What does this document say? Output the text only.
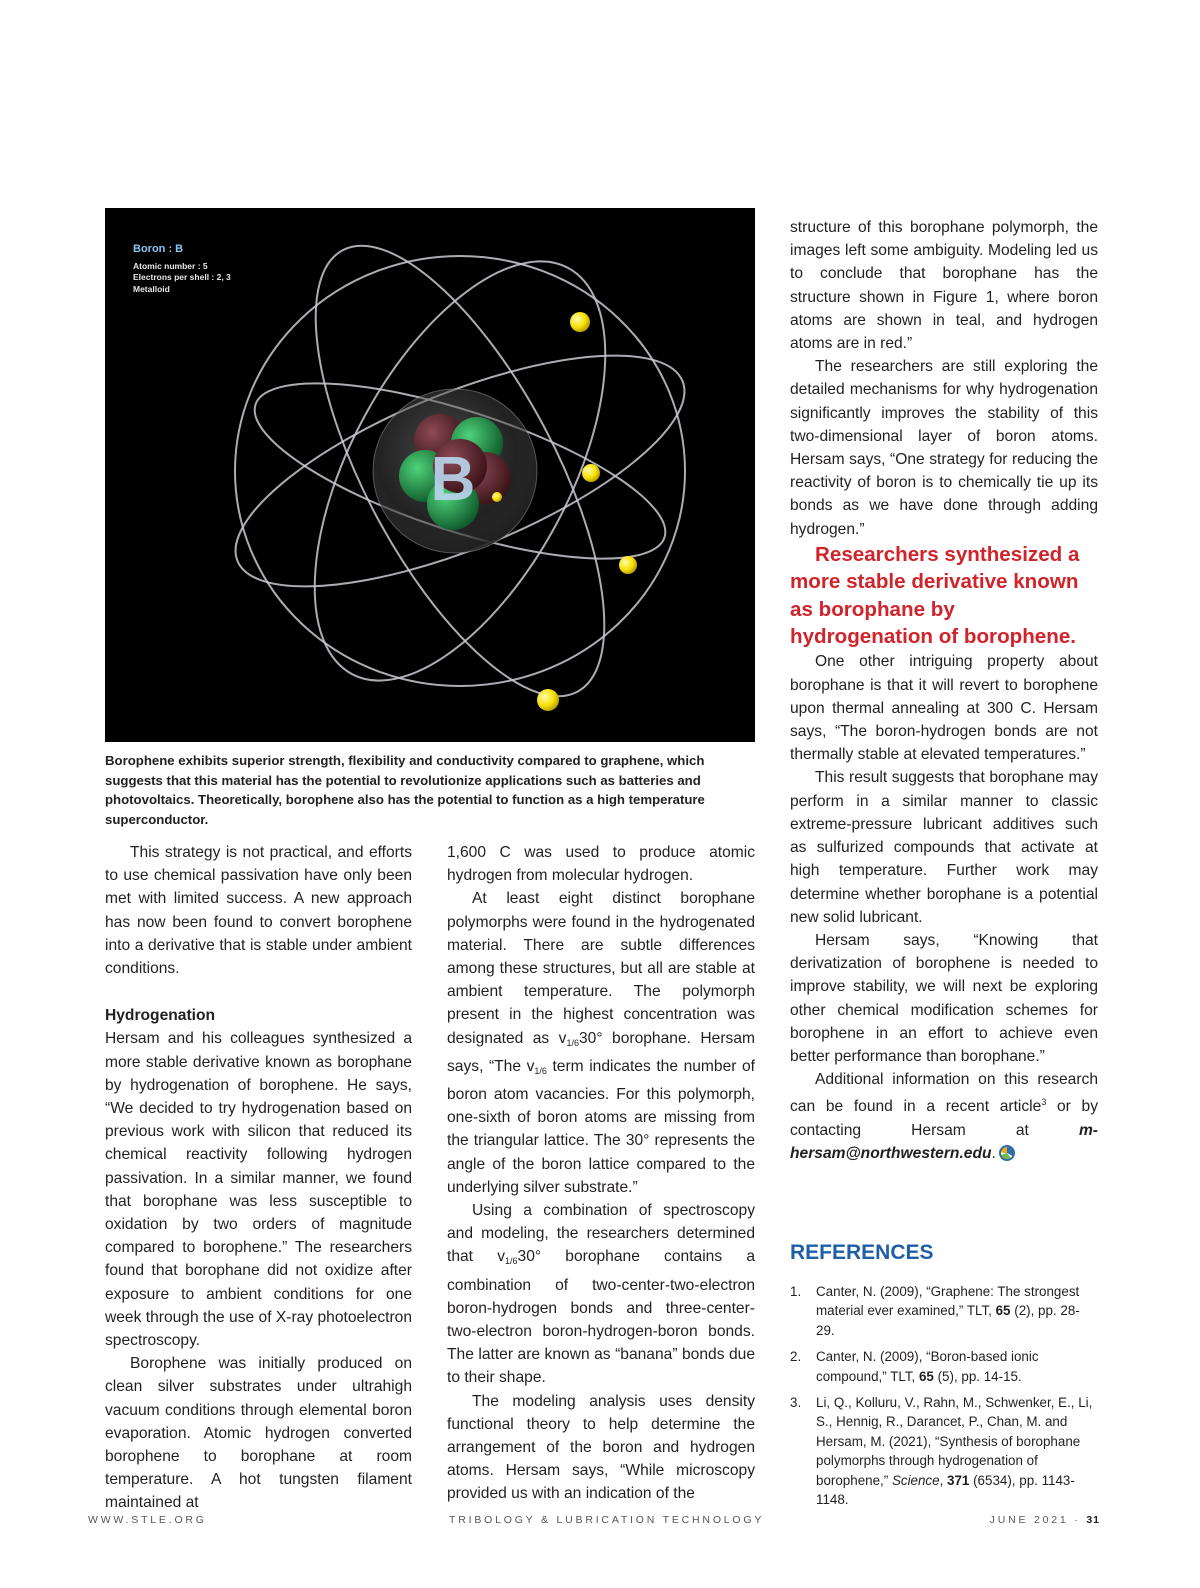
B
Boron : B
Atomic number : 5
Electrons per shell : 2, 3
Metalloid
Borophene exhibits superior strength, flexibility and conductivity compared to graphene, which suggests that this material has the potential to revolutionize applications such as batteries and photovoltaics. Theoretically, borophene also has the potential to function as a high temperature superconductor.

This strategy is not practical, and efforts to use chemical passivation have only been met with limited success. A new approach has now been found to convert borophene into a derivative that is stable under ambient conditions.

Hydrogenation

Hersam and his colleagues synthesized a more stable derivative known as borophane by hydrogenation of borophene. He says, “We decided to try hydrogenation based on previous work with silicon that reduced its chemical reactivity following hydrogen passivation. In a similar manner, we found that borophane was less susceptible to oxidation by two orders of magnitude compared to borophene.” The researchers found that borophane did not oxidize after exposure to ambient conditions for one week through the use of X-ray photoelectron spectroscopy.

Borophene was initially produced on clean silver substrates under ultrahigh vacuum conditions through elemental boron evaporation. Atomic hydrogen converted borophene to borophane at room temperature. A hot tungsten filament maintained at

1,600 C was used to produce atomic hydrogen from molecular hydrogen.

At least eight distinct borophane polymorphs were found in the hydrogenated material. There are subtle differences among these structures, but all are stable at ambient temperature. The polymorph present in the highest concentration was designated as $v_{1/6}30^\circ$ borophane. Hersam says, “The $v_{1/6}$ term indicates the number of boron atom vacancies. For this polymorph, one-sixth of boron atoms are missing from the triangular lattice. The 30° represents the angle of the boron lattice compared to the underlying silver substrate.”

Using a combination of spectroscopy and modeling, the researchers determined that $v_{1/6}30^\circ$ borophane contains a combination of two-center-two-electron boron-hydrogen bonds and three-center-two-electron boron-hydrogen-boron bonds. The latter are known as “banana” bonds due to their shape.

The modeling analysis uses density functional theory to help determine the arrangement of the boron and hydrogen atoms. Hersam says, “While microscopy provided us with an indication of the

structure of this borophane polymorph, the images left some ambiguity. Modeling led us to conclude that borophane has the structure shown in Figure 1, where boron atoms are shown in teal, and hydrogen atoms are in red.”

The researchers are still exploring the detailed mechanisms for why hydrogenation significantly improves the stability of this two-dimensional layer of boron atoms. Hersam says, “One strategy for reducing the reactivity of boron is to chemically tie up its bonds as we have done through adding hydrogen.”

Researchers synthesized a more stable derivative known as borophane by hydrogenation of borophene.

One other intriguing property about borophane is that it will revert to borophene upon thermal annealing at 300 C. Hersam says, “The boron-hydrogen bonds are not thermally stable at elevated temperatures.”

This result suggests that borophane may perform in a similar manner to classic extreme-pressure lubricant additives such as sulfurized compounds that activate at high temperature. Further work may determine whether borophane is a potential new solid lubricant.

Hersam says, “Knowing that derivatization of borophene is needed to improve stability, we will next be exploring other chemical modification schemes for borophene in an effort to achieve even better performance than borophane.”

Additional information on this research can be found in a recent article$^3$ or by contacting Hersam at m-hersam@northwestern.edu.

REFERENCES
1. Canter, N. (2009), “Graphene: The strongest material ever examined,” TLT, 65 (2), pp. 28-29.
2. Canter, N. (2009), “Boron-based ionic compound,” TLT, 65 (5), pp. 14-15.
3. Li, Q., Kolluru, V., Rahn, M., Schwenker, E., Li, S., Hennig, R., Darancet, P., Chan, M. and Hersam, M. (2021), “Synthesis of borophane polymorphs through hydrogenation of borophene,” Science, 371 (6534), pp. 1143-1148.
WWW.STLE.ORG	TRIBOLOGY & LUBRICATION TECHNOLOGY	JUNE 2021 · 31
